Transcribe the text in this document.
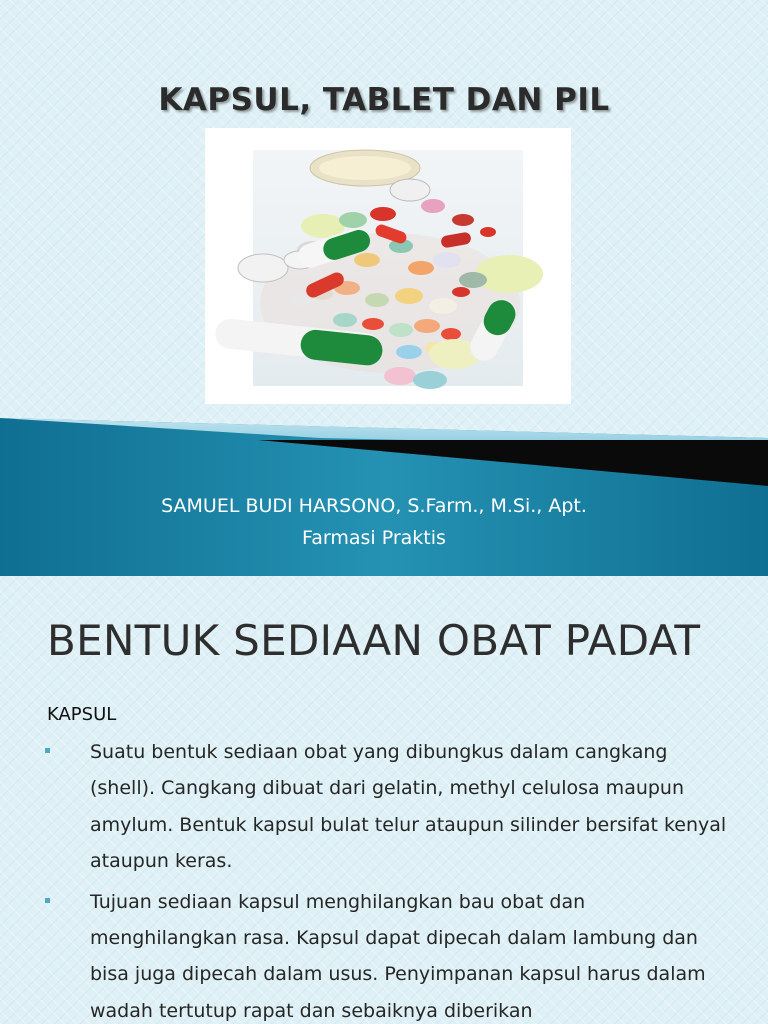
KAPSUL, TABLET DAN PIL
SAMUEL BUDI HARSONO, S.Farm., M.Si., Apt.
Farmasi Praktis
BENTUK SEDIAAN OBAT PADAT
KAPSUL
Suatu bentuk sediaan obat yang dibungkus dalam cangkang (shell). Cangkang dibuat dari gelatin, methyl celulosa maupun amylum. Bentuk kapsul bulat telur ataupun silinder bersifat kenyal ataupun keras.
Tujuan sediaan kapsul menghilangkan bau obat dan menghilangkan rasa. Kapsul dapat dipecah dalam lambung dan bisa juga dipecah dalam usus. Penyimpanan kapsul harus dalam wadah tertutup rapat dan sebaiknya diberikan
